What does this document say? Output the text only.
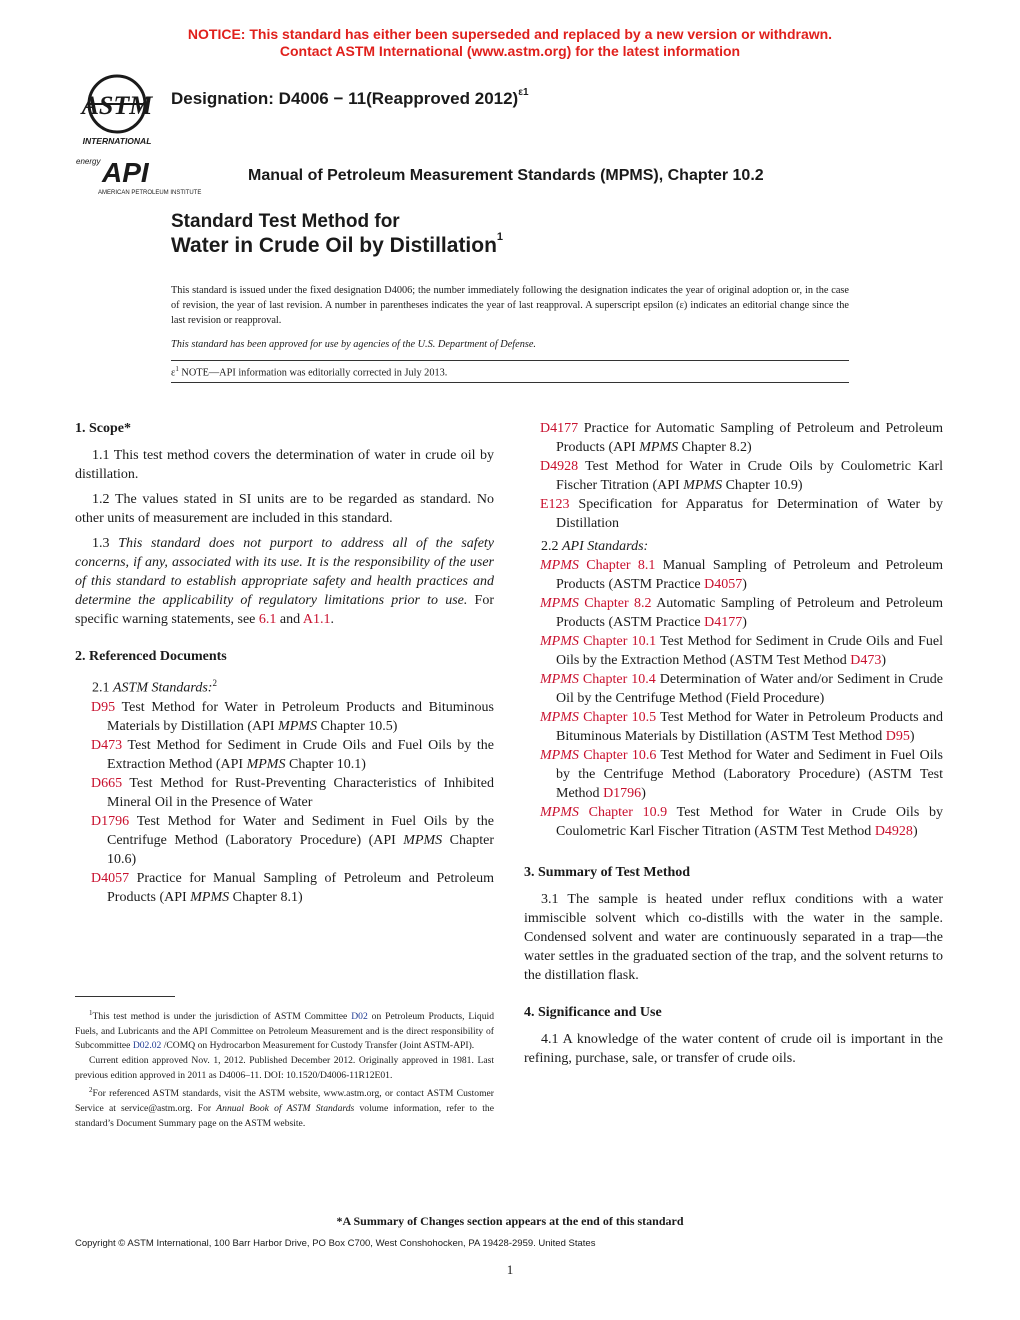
NOTICE: This standard has either been superseded and replaced by a new version or withdrawn.
Contact ASTM International (www.astm.org) for the latest information
ASTM
INTERNATIONAL
Designation: D4006 − 11(Reapproved 2012)$^{\varepsilon 1}$
energy API
AMERICAN PETROLEUM INSTITUTE
Manual of Petroleum Measurement Standards (MPMS), Chapter 10.2
Standard Test Method for
Water in Crude Oil by Distillation$^1$
This standard is issued under the fixed designation D4006; the number immediately following the designation indicates the year of original adoption or, in the case of revision, the year of last revision. A number in parentheses indicates the year of last reapproval. A superscript epsilon (ε) indicates an editorial change since the last revision or reapproval.
This standard has been approved for use by agencies of the U.S. Department of Defense.
$\varepsilon^1$ NOTE—API information was editorially corrected in July 2013.
1. Scope*

1.1 This test method covers the determination of water in crude oil by distillation.

1.2 The values stated in SI units are to be regarded as standard. No other units of measurement are included in this standard.

1.3 This standard does not purport to address all of the safety concerns, if any, associated with its use. It is the responsibility of the user of this standard to establish appropriate safety and health practices and determine the applicability of regulatory limitations prior to use. For specific warning statements, see 6.1 and A1.1.

2. Referenced Documents
2.1 ASTM Standards:$^2$
D95 Test Method for Water in Petroleum Products and Bituminous Materials by Distillation (API MPMS Chapter 10.5)
D473 Test Method for Sediment in Crude Oils and Fuel Oils by the Extraction Method (API MPMS Chapter 10.1)
D665 Test Method for Rust-Preventing Characteristics of Inhibited Mineral Oil in the Presence of Water
D1796 Test Method for Water and Sediment in Fuel Oils by the Centrifuge Method (Laboratory Procedure) (API MPMS Chapter 10.6)
D4057 Practice for Manual Sampling of Petroleum and Petroleum Products (API MPMS Chapter 8.1)

$^1$This test method is under the jurisdiction of ASTM Committee D02 on Petroleum Products, Liquid Fuels, and Lubricants and the API Committee on Petroleum Measurement and is the direct responsibility of Subcommittee D02.02 /COMQ on Hydrocarbon Measurement for Custody Transfer (Joint ASTM-API).

Current edition approved Nov. 1, 2012. Published December 2012. Originally approved in 1981. Last previous edition approved in 2011 as D4006–11. DOI: 10.1520/D4006-11R12E01.

$^2$For referenced ASTM standards, visit the ASTM website, www.astm.org, or contact ASTM Customer Service at service@astm.org. For Annual Book of ASTM Standards volume information, refer to the standard’s Document Summary page on the ASTM website.

D4177 Practice for Automatic Sampling of Petroleum and Petroleum Products (API MPMS Chapter 8.2)
D4928 Test Method for Water in Crude Oils by Coulometric Karl Fischer Titration (API MPMS Chapter 10.9)
E123 Specification for Apparatus for Determination of Water by Distillation
2.2 API Standards:
MPMS Chapter 8.1 Manual Sampling of Petroleum and Petroleum Products (ASTM Practice D4057)
MPMS Chapter 8.2 Automatic Sampling of Petroleum and Petroleum Products (ASTM Practice D4177)
MPMS Chapter 10.1 Test Method for Sediment in Crude Oils and Fuel Oils by the Extraction Method (ASTM Test Method D473)
MPMS Chapter 10.4 Determination of Water and/or Sediment in Crude Oil by the Centrifuge Method (Field Procedure)
MPMS Chapter 10.5 Test Method for Water in Petroleum Products and Bituminous Materials by Distillation (ASTM Test Method D95)
MPMS Chapter 10.6 Test Method for Water and Sediment in Fuel Oils by the Centrifuge Method (Laboratory Procedure) (ASTM Test Method D1796)
MPMS Chapter 10.9 Test Method for Water in Crude Oils by Coulometric Karl Fischer Titration (ASTM Test Method D4928)
3. Summary of Test Method

3.1 The sample is heated under reflux conditions with a water immiscible solvent which co-distills with the water in the sample. Condensed solvent and water are continuously separated in a trap—the water settles in the graduated section of the trap, and the solvent returns to the distillation flask.

4. Significance and Use

4.1 A knowledge of the water content of crude oil is important in the refining, purchase, sale, or transfer of crude oils.

*A Summary of Changes section appears at the end of this standard
Copyright © ASTM International, 100 Barr Harbor Drive, PO Box C700, West Conshohocken, PA 19428-2959. United States
1
